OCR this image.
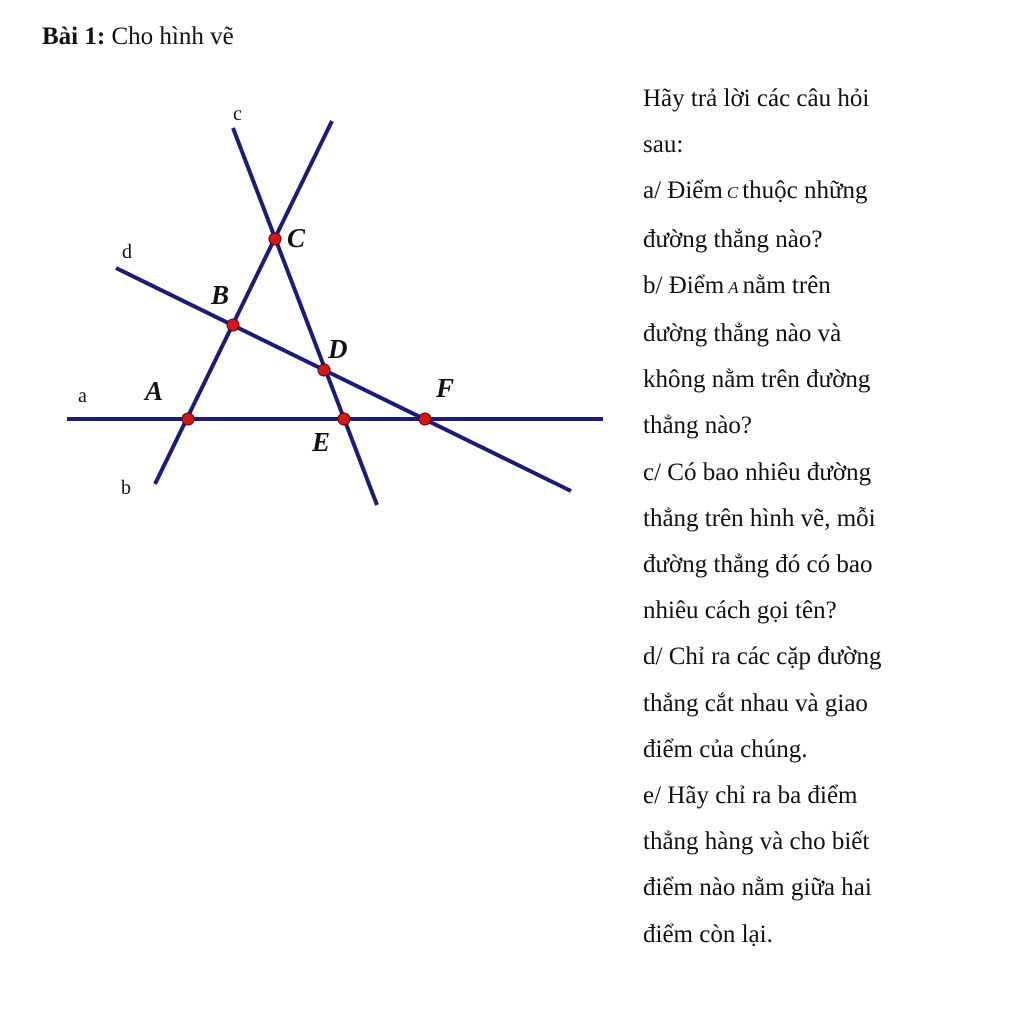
Bài 1: Cho hình vẽ
C
B
D
A
E
F
c
d
a
b
Hãy trả lời các câu hỏi
sau:
a/ Điểm C thuộc những
đường thẳng nào?
b/ Điểm A nằm trên
đường thẳng nào và
không nằm trên đường
thẳng nào?
c/ Có bao nhiêu đường
thẳng trên hình vẽ, mỗi
đường thẳng đó có bao
nhiêu cách gọi tên?
d/ Chỉ ra các cặp đường
thẳng cắt nhau và giao
điểm của chúng.
e/ Hãy chỉ ra ba điểm
thẳng hàng và cho biết
điểm nào nằm giữa hai
điểm còn lại.
